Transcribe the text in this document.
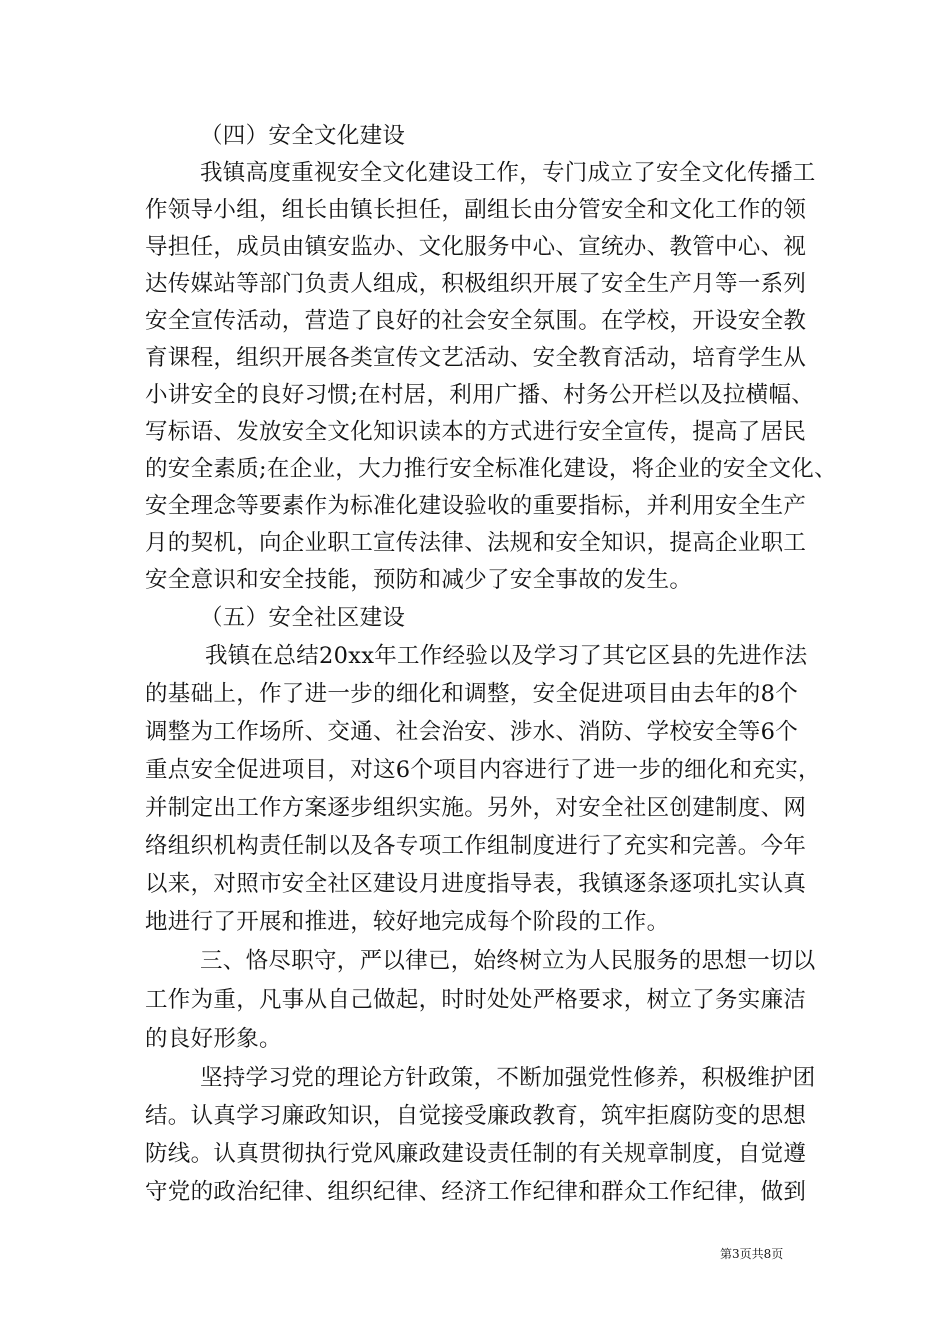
（四）安全文化建设
我镇高度重视安全文化建设工作，专门成立了安全文化传播工
作领导小组，组长由镇长担任，副组长由分管安全和文化工作的领
导担任，成员由镇安监办、文化服务中心、宣统办、教管中心、视
达传媒站等部门负责人组成，积极组织开展了安全生产月等一系列
安全宣传活动，营造了良好的社会安全氛围。在学校，开设安全教
育课程，组织开展各类宣传文艺活动、安全教育活动，培育学生从
小讲安全的良好习惯;在村居，利用广播、村务公开栏以及拉横幅、
写标语、发放安全文化知识读本的方式进行安全宣传，提高了居民
的安全素质;在企业，大力推行安全标准化建设，将企业的安全文化、
安全理念等要素作为标准化建设验收的重要指标，并利用安全生产
月的契机，向企业职工宣传法律、法规和安全知识，提高企业职工
安全意识和安全技能，预防和减少了安全事故的发生。
（五）安全社区建设
我镇在总结20xx年工作经验以及学习了其它区县的先进作法
的基础上，作了进一步的细化和调整，安全促进项目由去年的8个
调整为工作场所、交通、社会治安、涉水、消防、学校安全等6个
重点安全促进项目，对这6个项目内容进行了进一步的细化和充实，
并制定出工作方案逐步组织实施。另外，对安全社区创建制度、网
络组织机构责任制以及各专项工作组制度进行了充实和完善。今年
以来，对照市安全社区建设月进度指导表，我镇逐条逐项扎实认真
地进行了开展和推进，较好地完成每个阶段的工作。
三、恪尽职守，严以律已，始终树立为人民服务的思想一切以
工作为重，凡事从自己做起，时时处处严格要求，树立了务实廉洁
的良好形象。
坚持学习党的理论方针政策，不断加强党性修养，积极维护团
结。认真学习廉政知识，自觉接受廉政教育，筑牢拒腐防变的思想
防线。认真贯彻执行党风廉政建设责任制的有关规章制度，自觉遵
守党的政治纪律、组织纪律、经济工作纪律和群众工作纪律，做到
第3页共8页
